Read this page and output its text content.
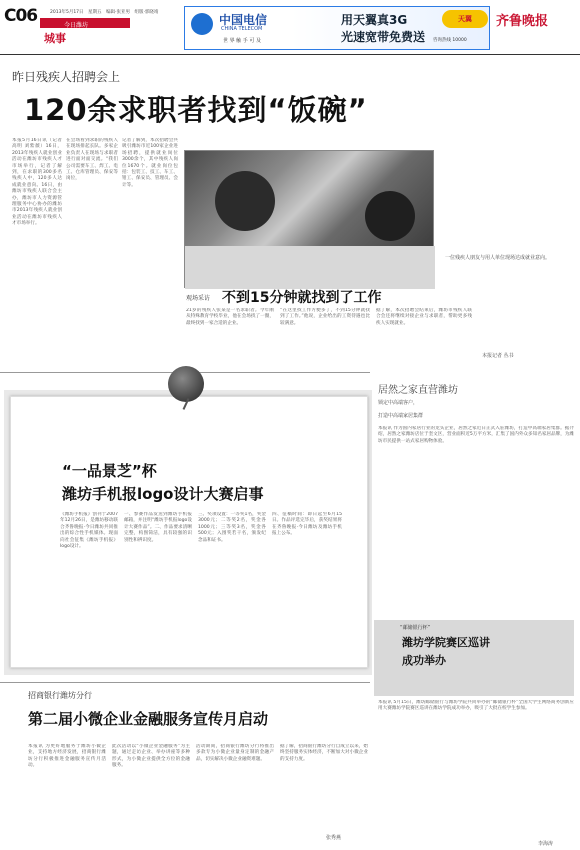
C06	2013年5月17日　星期五　编辑·张亚男　组版·郭晓靖
今日潍坊
城事
中国电信
CHINA TELECOM
世 界 触 手 可 及
用天翼真3G
光速宽带免费送
天翼
咨询热线 10000
齐鲁晚报
昨日残疾人招聘会上
120余求职者找到“饭碗”
本报5月16日讯（记者 高明 刘紫薇）16日，2013年残疾人就业创业活动在潍坊市残疾人才市场举行，记者了解到，在求职的300多名残疾人中，120多人达成就业意向。16日，由潍坊市残疾人联合会主办，潍坊市人力资源管理服务中心协办的潍坊市2013年残疾人就业创业活动在潍坊市残疾人才市场举行。
在会场看到求职的残疾人在现场排起长队。多家企业负责人在现场与求职者进行面对面交流。“我们公司需要车工、焊工、电工、仓库管理员、保安等岗位，
记者了解到，本次招聘会共吸引潍坊市近100家企业进场招聘，提供就业岗位3000余个，其中残疾人岗位1670个。就业岗位包括：包装工、技工、车工、钳工、保安员、管理员、会计等。
一位残疾人朋友与用人单位现场达成就业意向。
观场采访 不到15分钟就找到了工作
21岁的残疾人张某是一名求职者。今年刚从特殊教育学校毕业，他在会场找了一圈，最终找到一家合适的企业。
“在这里找工作方便多了，不到15分钟就找到了工作。”他说，企业给出的工资待遇也比较满意。
据了解，本次招聘会结束后，潍坊市残疾人联合会还将继续对接企业与求职者，帮助更多残疾人实现就业。
本报记者 丛书
“一品景芝”杯
潍坊手机报logo设计大赛启事
《潍坊手机报》创刊于2007年12月26日，是潍坊移动联合齐鲁晚报·今日潍坊共同推出的综合性手机媒体。现面向社会征集《潍坊手机报》logo设计。
一、参赛作品发送到潍坊手机报邮箱，并注明“潍坊手机报logo设计大赛作品”。二、作品要求清晰完整，构图简洁，具有较强的识别性和辨识度。
三、奖项设置：一等奖1名，奖金3000元；二等奖2名，奖金各1000元；三等奖3名，奖金各500元；入围奖若干名，颁发纪念品和证书。
四、征稿时间：即日起至6月15日。作品评选完毕后，获奖结果将在齐鲁晚报·今日潍坊及潍坊手机报上公布。
居然之家直营潍坊
锁定中高端客户，
打造中高端家居集群
本报讯 作为国内家居行业的龙头企业，居然之家近日正式入驻潍坊，打造中高端家居集群。据介绍，居然之家潍坊店位于奎文区，营业面积近5万平方米，汇集了国内外众多知名家居品牌，为潍坊市民提供一站式家居购物体验。
“邮储银行杯”
潍坊学院赛区巡讲
成功举办
本报讯 5月15日，潍坊邮储银行与潍坊学院共同举办的“邮储银行杯”全国大学生网络商务创新应用大赛潍坊学院赛区巡讲在潍坊学院成功举办，吸引了大批在校学生参加。
李海涛
招商银行潍坊分行
第二届小微企业金融服务宣传月启动
本报讯 为更好地服务于潍坊小微企业，支持地方经济发展，招商银行潍坊分行积极推进金融服务宣传月活动。
此次活动以“小微企业金融服务”为主题，通过走访企业、举办讲座等多种形式，为小微企业提供全方位的金融服务。
活动期间，招商银行潍坊分行将推出多款专为小微企业量身定制的金融产品，切实解决小微企业融资难题。
据了解，招商银行潍坊分行自成立以来，始终坚持服务实体经济，不断加大对小微企业的支持力度。
张秀燕
